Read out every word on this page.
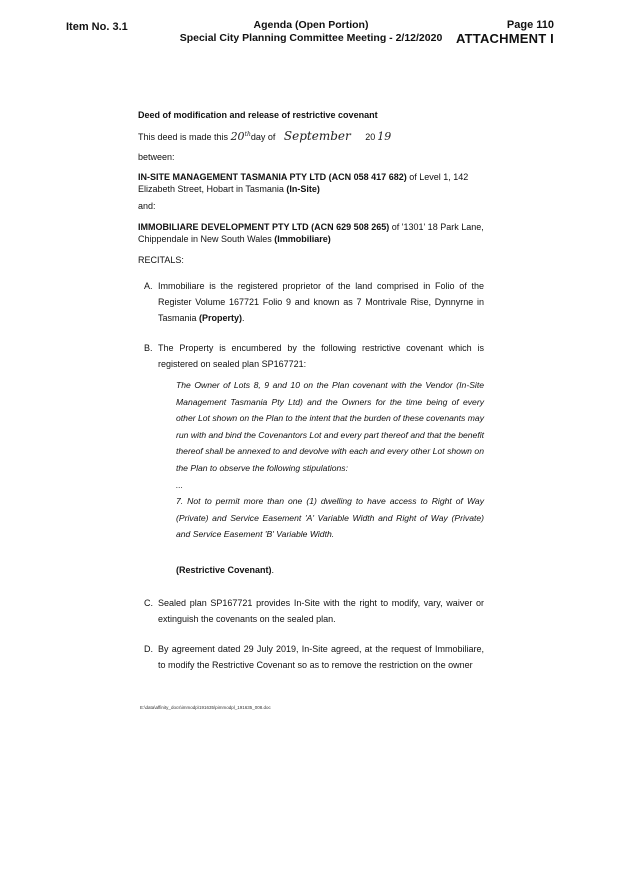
Item No. 3.1	Agenda (Open Portion)
Special City Planning Committee Meeting - 2/12/2020
Page 110
ATTACHMENT I
Deed of modification and release of restrictive covenant
This deed is made this 20thday of September 20 19
between:
IN-SITE MANAGEMENT TASMANIA PTY LTD (ACN 058 417 682) of Level 1, 142 Elizabeth Street, Hobart in Tasmania (In-Site)
and:
IMMOBILIARE DEVELOPMENT PTY LTD (ACN 629 508 265) of '1301' 18 Park Lane, Chippendale in New South Wales (Immobiliare)
RECITALS:
A. Immobiliare is the registered proprietor of the land comprised in Folio of the Register Volume 167721 Folio 9 and known as 7 Montrivale Rise, Dynnyrne in Tasmania (Property).
B. The Property is encumbered by the following restrictive covenant which is registered on sealed plan SP167721:
The Owner of Lots 8, 9 and 10 on the Plan covenant with the Vendor (In-Site Management Tasmania Pty Ltd) and the Owners for the time being of every other Lot shown on the Plan to the intent that the burden of these covenants may run with and bind the Covenantors Lot and every part thereof and that the benefit thereof shall be annexed to and devolve with each and every other Lot shown on the Plan to observe the following stipulations:
...
7. Not to permit more than one (1) dwelling to have access to Right of Way (Private) and Service Easement 'A' Variable Width and Right of Way (Private) and Service Easement 'B' Variable Width.
(Restrictive Covenant).
C. Sealed plan SP167721 provides In-Site with the right to modify, vary, waiver or extinguish the covenants on the sealed plan.
D. By agreement dated 29 July 2019, In-Site agreed, at the request of Immobiliare, to modify the Restrictive Covenant so as to remove the restriction on the owner
E:\data\affinity_docs\immodp\191635\pimmodpl_191635_008.doc
